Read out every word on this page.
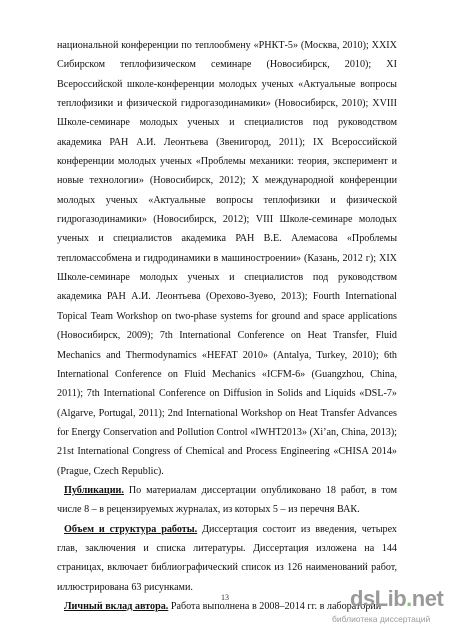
национальной конференции по теплообмену «РНКТ-5» (Москва, 2010); XXIX Сибирском теплофизическом семинаре (Новосибирск, 2010); XI Всероссийской школе-конференции молодых ученых «Актуальные вопросы теплофизики и физической гидрогазодинамики» (Новосибирск, 2010); XVIII Школе-семинаре молодых ученых и специалистов под руководством академика РАН А.И. Леонтьева (Звенигород, 2011); IX Всероссийской конференции молодых ученых «Проблемы механики: теория, эксперимент и новые технологии» (Новосибирск, 2012); X международной конференции молодых ученых «Актуальные вопросы теплофизики и физической гидрогазодинамики» (Новосибирск, 2012); VIII Школе-семинаре молодых ученых и специалистов академика РАН В.Е. Алемасова «Проблемы тепломассобмена и гидродинамики в машиностроении» (Казань, 2012 г); XIX Школе-семинаре молодых ученых и специалистов под руководством академика РАН А.И. Леонтьева (Орехово-Зуево, 2013); Fourth International Topical Team Workshop on two-phase systems for ground and space applications (Новосибирск, 2009); 7th International Conference on Heat Transfer, Fluid Mechanics and Thermodynamics «HEFAT 2010» (Antalya, Turkey, 2010); 6th International Conference on Fluid Mechanics «ICFM-6» (Guangzhou, China, 2011); 7th International Conference on Diffusion in Solids and Liquids «DSL-7» (Algarve, Portugal, 2011); 2nd International Workshop on Heat Transfer Advances for Energy Conservation and Pollution Control «IWHT2013» (Xi’an, China, 2013); 21st International Congress of Chemical and Process Engineering «CHISA 2014» (Prague, Czech Republic).

Публикации. По материалам диссертации опубликовано 18 работ, в том числе 8 – в рецензируемых журналах, из которых 5 – из перечня ВАК.

Объем и структура работы. Диссертация состоит из введения, четырех глав, заключения и списка литературы. Диссертация изложена на 144 страницах, включает библиографический список из 126 наименований работ, иллюстрирована 63 рисунками.

Личный вклад автора. Работа выполнена в 2008–2014 гг. в лаборатории

13	dsLib.net
библиотека диссертаций
